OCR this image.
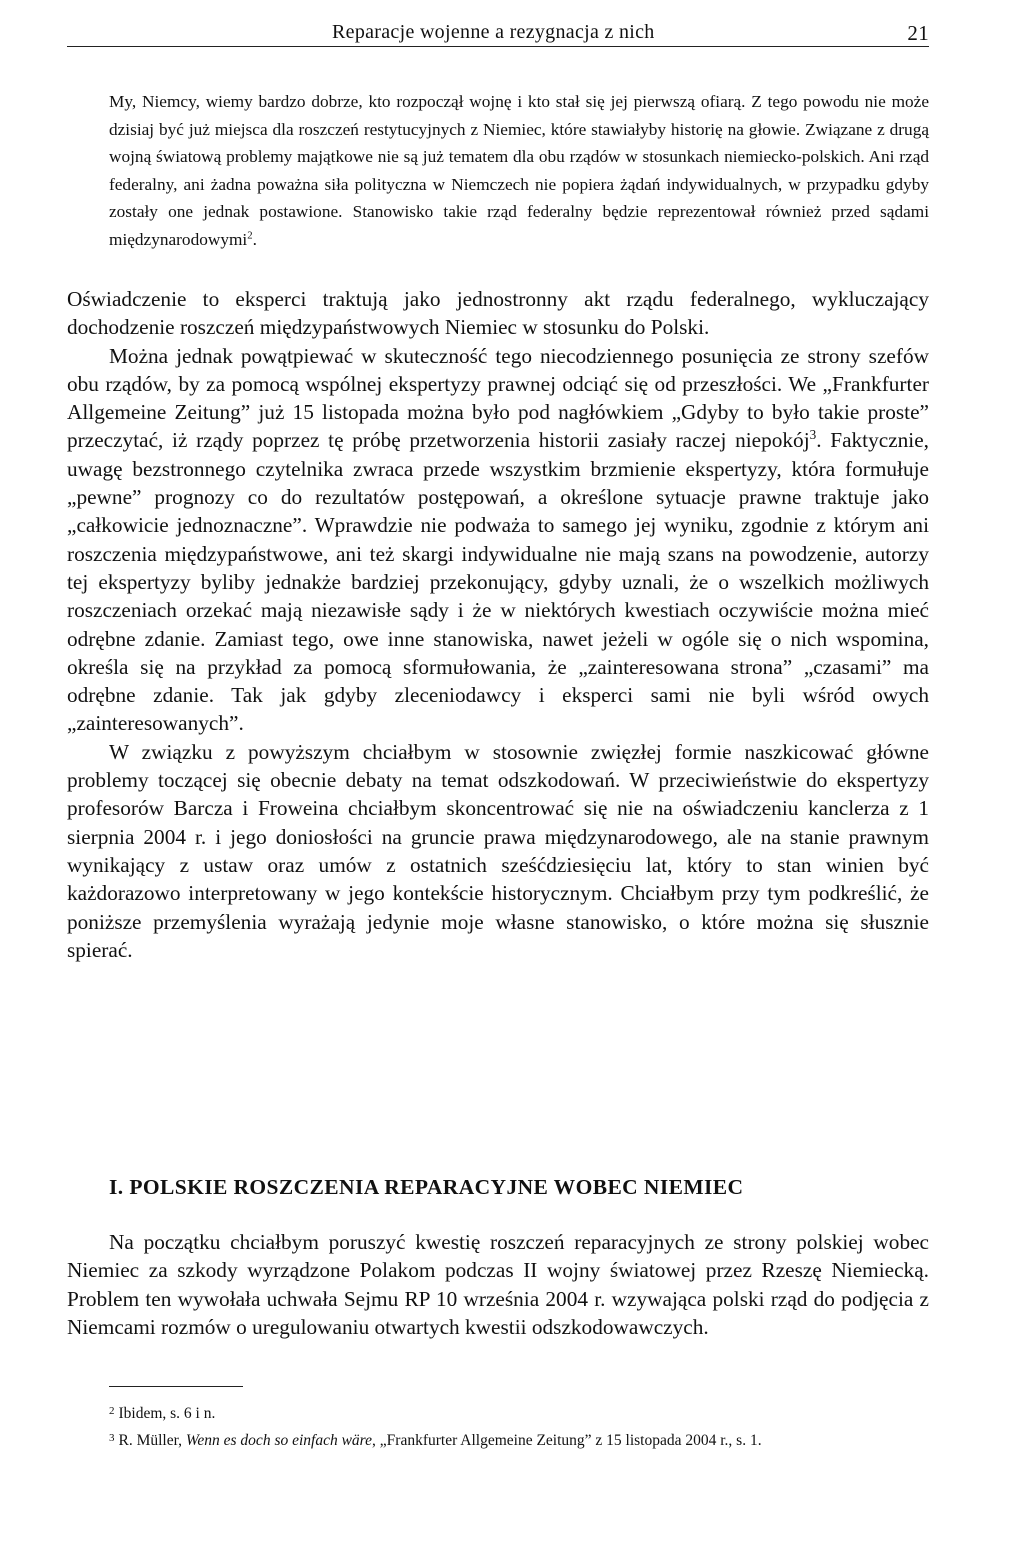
Reparacje wojenne a rezygnacja z nich	21

My, Niemcy, wiemy bardzo dobrze, kto rozpoczął wojnę i kto stał się jej pierwszą ofiarą. Z tego powodu nie może dzisiaj być już miejsca dla roszczeń restytucyjnych z Niemiec, które stawiałyby historię na głowie. Związane z drugą wojną światową problemy majątkowe nie są już tematem dla obu rządów w stosunkach niemiecko-polskich. Ani rząd federalny, ani żadna poważna siła polityczna w Niemczech nie popiera żądań indywidualnych, w przypadku gdyby zostały one jednak postawione. Stanowisko takie rząd federalny będzie reprezentował również przed sądami międzynarodowymi$^2$.

Oświadczenie to eksperci traktują jako jednostronny akt rządu federalnego, wykluczający dochodzenie roszczeń międzypaństwowych Niemiec w stosunku do Polski.

Można jednak powątpiewać w skuteczność tego niecodziennego posunięcia ze strony szefów obu rządów, by za pomocą wspólnej ekspertyzy prawnej odciąć się od przeszłości. We „Frankfurter Allgemeine Zeitung” już 15 listopada można było pod nagłówkiem „Gdyby to było takie proste” przeczytać, iż rządy poprzez tę próbę przetworzenia historii zasiały raczej niepokój$^3$. Faktycznie, uwagę bezstronnego czytelnika zwraca przede wszystkim brzmienie ekspertyzy, która formułuje „pewne” prognozy co do rezultatów postępowań, a określone sytuacje prawne traktuje jako „całkowicie jednoznaczne”. Wprawdzie nie podważa to samego jej wyniku, zgodnie z którym ani roszczenia międzypaństwowe, ani też skargi indywidualne nie mają szans na powodzenie, autorzy tej ekspertyzy byliby jednakże bardziej przekonujący, gdyby uznali, że o wszelkich możliwych roszczeniach orzekać mają niezawisłe sądy i że w niektórych kwestiach oczywiście można mieć odrębne zdanie. Zamiast tego, owe inne stanowiska, nawet jeżeli w ogóle się o nich wspomina, określa się na przykład za pomocą sformułowania, że „zainteresowana strona” „czasami” ma odrębne zdanie. Tak jak gdyby zleceniodawcy i eksperci sami nie byli wśród owych „zainteresowanych”.

W związku z powyższym chciałbym w stosownie zwięzłej formie naszkicować główne problemy toczącej się obecnie debaty na temat odszkodowań. W przeciwieństwie do ekspertyzy profesorów Barcza i Froweina chciałbym skoncentrować się nie na oświadczeniu kanclerza z 1 sierpnia 2004 r. i jego doniosłości na gruncie prawa międzynarodowego, ale na stanie prawnym wynikający z ustaw oraz umów z ostatnich sześćdziesięciu lat, który to stan winien być każdorazowo interpretowany w jego kontekście historycznym. Chciałbym przy tym podkreślić, że poniższe przemyślenia wyrażają jedynie moje własne stanowisko, o które można się słusznie spierać.

I. POLSKIE ROSZCZENIA REPARACYJNE WOBEC NIEMIEC

Na początku chciałbym poruszyć kwestię roszczeń reparacyjnych ze strony polskiej wobec Niemiec za szkody wyrządzone Polakom podczas II wojny światowej przez Rzeszę Niemiecką. Problem ten wywołała uchwała Sejmu RP 10 września 2004 r. wzywająca polski rząd do podjęcia z Niemcami rozmów o uregulowaniu otwartych kwestii odszkodowawczych.

$^2$ Ibidem, s. 6 i n.

$^3$ R. Müller, Wenn es doch so einfach wäre, „Frankfurter Allgemeine Zeitung” z 15 listopada 2004 r., s. 1.
